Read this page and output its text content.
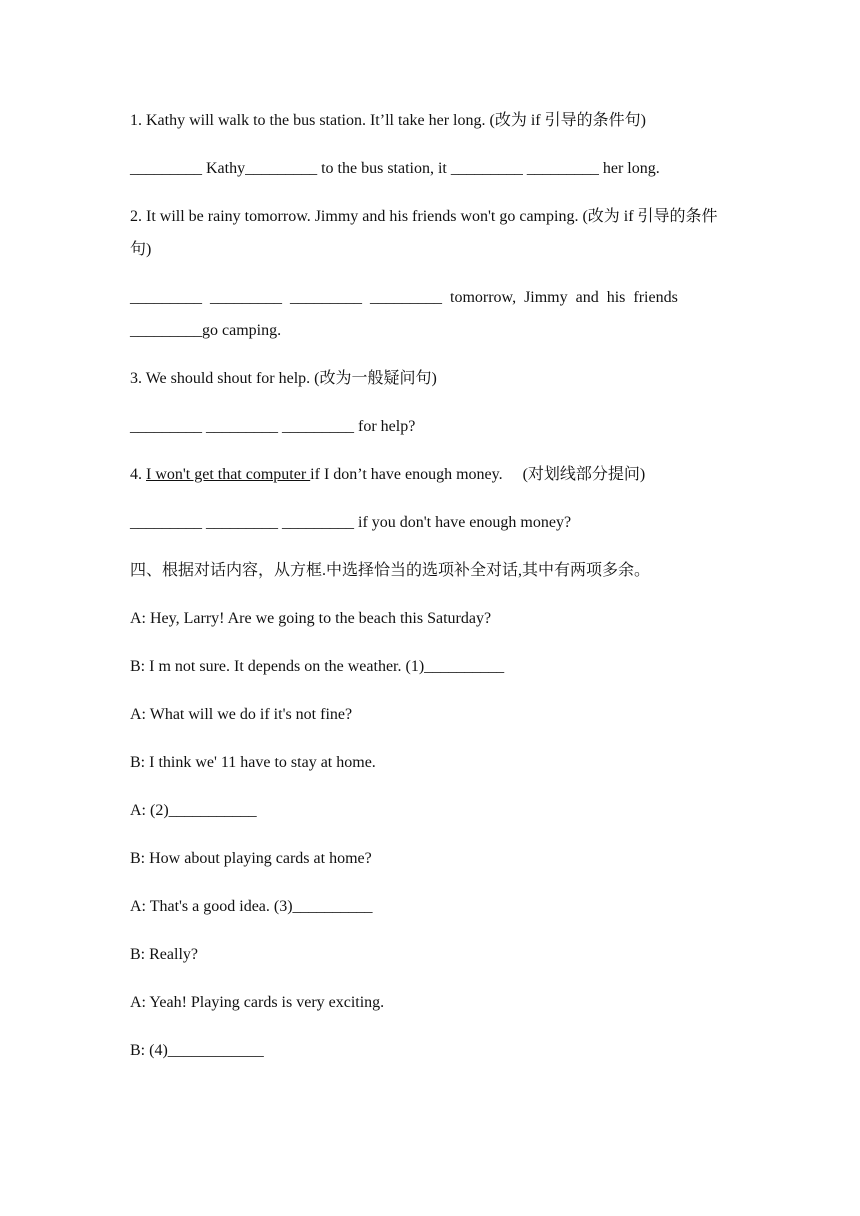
1. Kathy will walk to the bus station. It’ll take her long. (改为 if 引导的条件句)

_________ Kathy_________ to the bus station, it _________ _________ her long.

2. It will be rainy tomorrow. Jimmy and his friends won't go camping. (改为 if 引导的条件句)

_________  _________  _________  _________  tomorrow,  Jimmy  and  his  friends

_________go camping.

3. We should shout for help. (改为一般疑问句)

_________ _________ _________ for help?

4. I won't get that computer if I don’t have enough money.     (对划线部分提问)

_________ _________ _________ if you don't have enough money?

四、根据对话内容，从方框.中选择恰当的选项补全对话,其中有两项多余。

A: Hey, Larry! Are we going to the beach this Saturday?

B: I m not sure. It depends on the weather. (1)__________

A: What will we do if it's not fine?

B: I think we' 11 have to stay at home.

A: (2)___________

B: How about playing cards at home?

A: That's a good idea. (3)__________

B: Really?

A: Yeah! Playing cards is very exciting.

B: (4)____________
